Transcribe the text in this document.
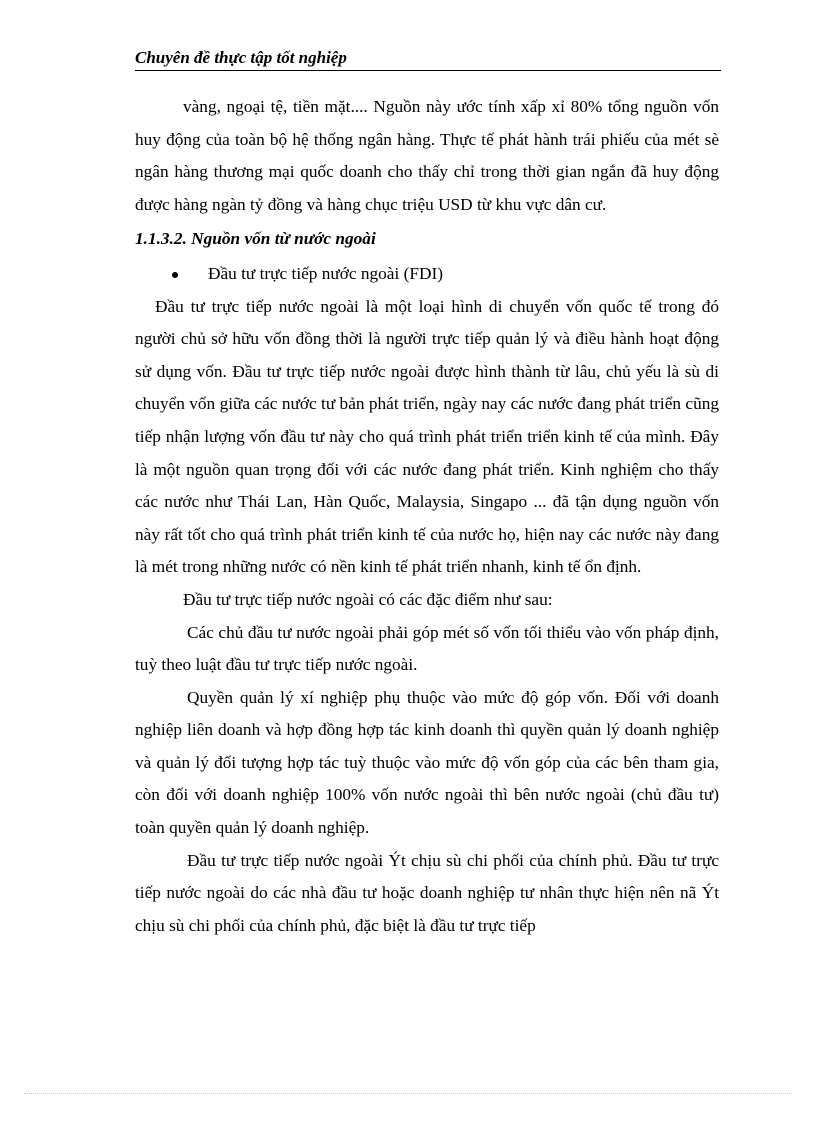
Chuyên đề thực tập tốt nghiệp

vàng, ngoại tệ, tiền mặt.... Nguồn này ước tính xấp xỉ 80% tổng nguồn vốn huy động của toàn bộ hệ thống ngân hàng. Thực tế phát hành trái phiếu của mét sè ngân hàng thương mại quốc doanh cho thấy chỉ trong thời gian ngắn đã huy động được hàng ngàn tỷ đồng và hàng chục triệu USD từ khu vực dân cư.

1.1.3.2. Nguồn vốn từ nước ngoài

Đầu tư trực tiếp nước ngoài (FDI)

Đầu tư trực tiếp nước ngoài là một loại hình di chuyển vốn quốc tế trong đó người chủ sở hữu vốn đồng thời là người trực tiếp quản lý và điều hành hoạt động sử dụng vốn. Đầu tư trực tiếp nước ngoài được hình thành từ lâu, chủ yếu là sù di chuyển vốn giữa các nước tư bản phát triển, ngày nay các nước đang phát triển cũng tiếp nhận lượng vốn đầu tư này cho quá trình phát triển triển kinh tế của mình. Đây là một nguồn quan trọng đối với các nước đang phát triển. Kinh nghiệm cho thấy các nước như Thái Lan, Hàn Quốc, Malaysia, Singapo ... đã tận dụng nguồn vốn này rất tốt cho quá trình phát triển kinh tế của nước họ, hiện nay các nước này đang là mét trong những nước có nền kinh tế phát triển nhanh, kinh tế ổn định.

Đầu tư trực tiếp nước ngoài có các đặc điểm như sau:

Các chủ đầu tư nước ngoài phải góp mét số vốn tối thiểu vào vốn pháp định, tuỳ theo luật đầu tư trực tiếp nước ngoài.

Quyền quản lý xí nghiệp phụ thuộc vào mức độ góp vốn. Đối với doanh nghiệp liên doanh và hợp đồng hợp tác kinh doanh thì quyền quản lý doanh nghiệp và quản lý đối tượng hợp tác tuỳ thuộc vào mức độ vốn góp của các bên tham gia, còn đối với doanh nghiệp 100% vốn nước ngoài thì bên nước ngoài (chủ đầu tư) toàn quyền quản lý doanh nghiệp.

Đầu tư trực tiếp nước ngoài Ýt chịu sù chi phối của chính phủ. Đầu tư trực tiếp nước ngoài do các nhà đầu tư hoặc doanh nghiệp tư nhân thực hiện nên nã Ýt chịu sù chi phối của chính phủ, đặc biệt là đầu tư trực tiếp
